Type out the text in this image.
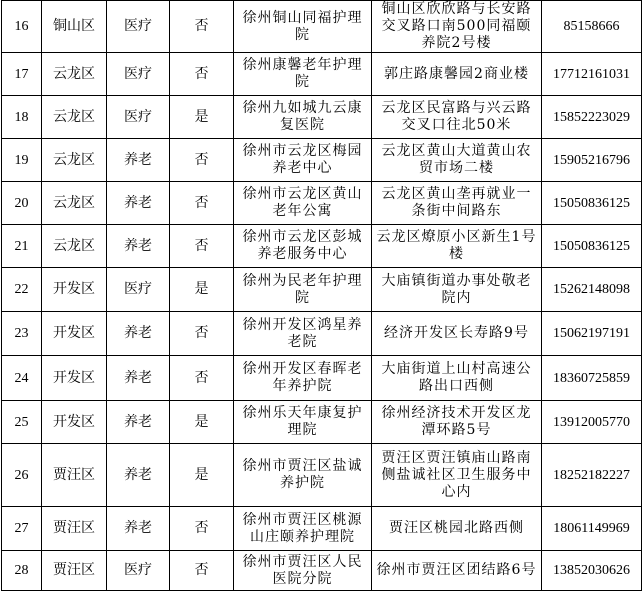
16	铜山区	医疗	否	徐州铜山同福护理院	铜山区欣欣路与长安路交叉路口南500同福颐养院2号楼	85158666
17	云龙区	医疗	否	徐州康馨老年护理院	郭庄路康馨园2商业楼	17712161031
18	云龙区	医疗	是	徐州九如城九云康复医院	云龙区民富路与兴云路交叉口往北50米	15852223029
19	云龙区	养老	否	徐州市云龙区梅园养老中心	云龙区黄山大道黄山农贸市场二楼	15905216796
20	云龙区	养老	否	徐州市云龙区黄山老年公寓	云龙区黄山垄再就业一条街中间路东	15050836125
21	云龙区	养老	否	徐州市云龙区彭城养老服务中心	云龙区燎原小区新生1号楼	15050836125
22	开发区	医疗	是	徐州为民老年护理院	大庙镇街道办事处敬老院内	15262148098
23	开发区	养老	否	徐州开发区鸿星养老院	经济开发区长寿路9号	15062197191
24	开发区	养老	否	徐州开发区春晖老年养护院	大庙街道上山村高速公路出口西侧	18360725859
25	开发区	养老	是	徐州乐天年康复护理院	徐州经济技术开发区龙潭环路5号	13912005770
26	贾汪区	养老	是	徐州市贾汪区盐诚养护院	贾汪区贾汪镇庙山路南侧盐诚社区卫生服务中心内	18252182227
27	贾汪区	养老	否	徐州市贾汪区桃源山庄颐养护理院	贾汪区桃园北路西侧	18061149969
28	贾汪区	医疗	否	徐州市贾汪区人民医院分院	徐州市贾汪区团结路6号	13852030626
